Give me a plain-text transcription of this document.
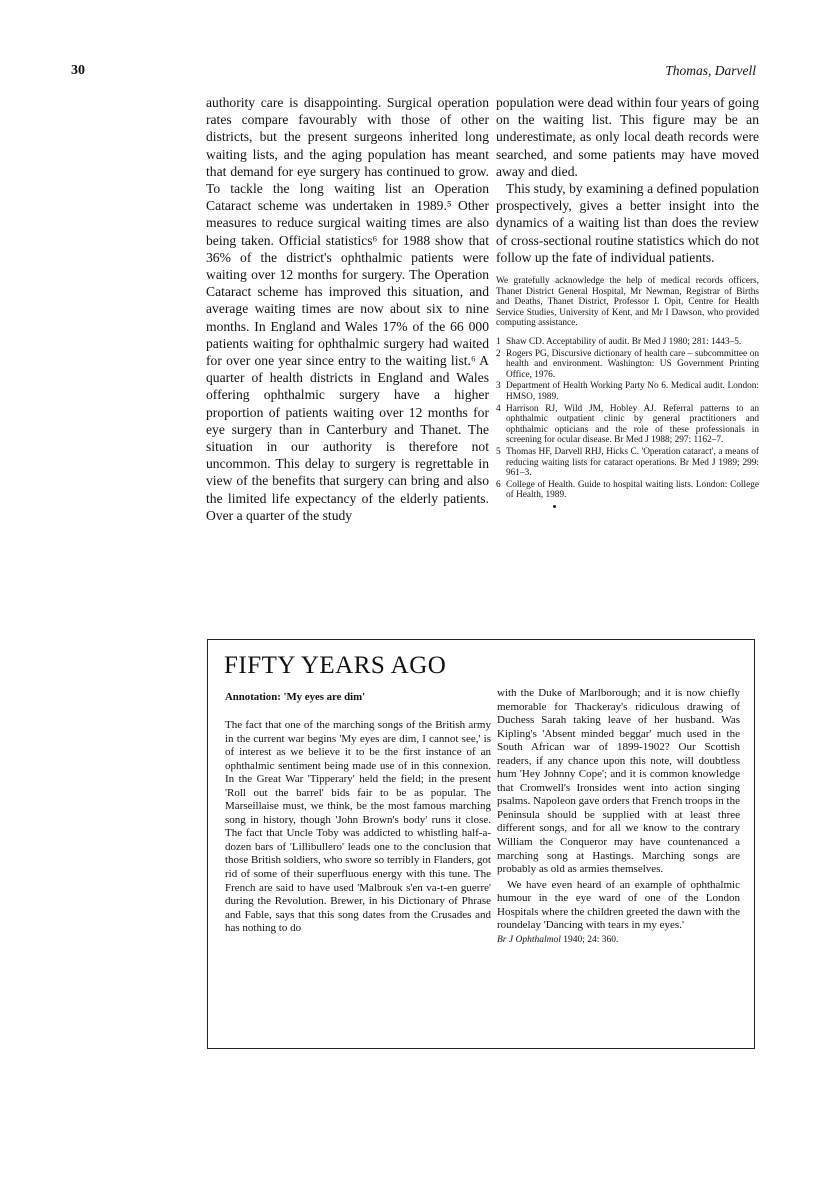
30	Thomas, Darvell

authority care is disappointing. Surgical operation rates compare favourably with those of other districts, but the present surgeons inherited long waiting lists, and the aging population has meant that demand for eye surgery has continued to grow. To tackle the long waiting list an Operation Cataract scheme was undertaken in 1989.⁵ Other measures to reduce surgical waiting times are also being taken. Official statistics⁶ for 1988 show that 36% of the district's ophthalmic patients were waiting over 12 months for surgery. The Operation Cataract scheme has improved this situation, and average waiting times are now about six to nine months. In England and Wales 17% of the 66 000 patients waiting for ophthalmic surgery had waited for over one year since entry to the waiting list.⁶ A quarter of health districts in England and Wales offering ophthalmic surgery have a higher proportion of patients waiting over 12 months for eye surgery than in Canterbury and Thanet. The situation in our authority is therefore not uncommon. This delay to surgery is regrettable in view of the benefits that surgery can bring and also the limited life expectancy of the elderly patients. Over a quarter of the study

population were dead within four years of going on the waiting list. This figure may be an underestimate, as only local death records were searched, and some patients may have moved away and died.

This study, by examining a defined population prospectively, gives a better insight into the dynamics of a waiting list than does the review of cross-sectional routine statistics which do not follow up the fate of individual patients.

We gratefully acknowledge the help of medical records officers, Thanet District General Hospital, Mr Newman, Registrar of Births and Deaths, Thanet District, Professor L Opit, Centre for Health Service Studies, University of Kent, and Mr I Dawson, who provided computing assistance.

1 Shaw CD. Acceptability of audit. Br Med J 1980; 281: 1443–5.
2 Rogers PG, Discursive dictionary of health care – subcommittee on health and environment. Washington: US Government Printing Office, 1976.
3 Department of Health Working Party No 6. Medical audit. London: HMSO, 1989.
4 Harrison RJ, Wild JM, Hobley AJ. Referral patterns to an ophthalmic outpatient clinic by general practitioners and ophthalmic opticians and the role of these professionals in screening for ocular disease. Br Med J 1988; 297: 1162–7.
5 Thomas HF, Darvell RHJ, Hicks C. 'Operation cataract', a means of reducing waiting lists for cataract operations. Br Med J 1989; 299: 961–3.
6 College of Health. Guide to hospital waiting lists. London: College of Health, 1989.
FIFTY YEARS AGO

Annotation: 'My eyes are dim'

The fact that one of the marching songs of the British army in the current war begins 'My eyes are dim, I cannot see,' is of interest as we believe it to be the first instance of an ophthalmic sentiment being made use of in this connexion. In the Great War 'Tipperary' held the field; in the present 'Roll out the barrel' bids fair to be as popular. The Marseillaise must, we think, be the most famous marching song in history, though 'John Brown's body' runs it close. The fact that Uncle Toby was addicted to whistling half-a-dozen bars of 'Lillibullero' leads one to the conclusion that those British soldiers, who swore so terribly in Flanders, got rid of some of their superfluous energy with this tune. The French are said to have used 'Malbrouk s'en va-t-en guerre' during the Revolution. Brewer, in his Dictionary of Phrase and Fable, says that this song dates from the Crusades and has nothing to do

with the Duke of Marlborough; and it is now chiefly memorable for Thackeray's ridiculous drawing of Duchess Sarah taking leave of her husband. Was Kipling's 'Absent minded beggar' much used in the South African war of 1899-1902? Our Scottish readers, if any chance upon this note, will doubtless hum 'Hey Johnny Cope'; and it is common knowledge that Cromwell's Ironsides went into action singing psalms. Napoleon gave orders that French troops in the Peninsula should be supplied with at least three different songs, and for all we know to the contrary William the Conqueror may have countenanced a marching song at Hastings. Marching songs are probably as old as armies themselves.

We have even heard of an example of ophthalmic humour in the eye ward of one of the London Hospitals where the children greeted the dawn with the roundelay 'Dancing with tears in my eyes.'

Br J Ophthalmol 1940; 24: 360.
